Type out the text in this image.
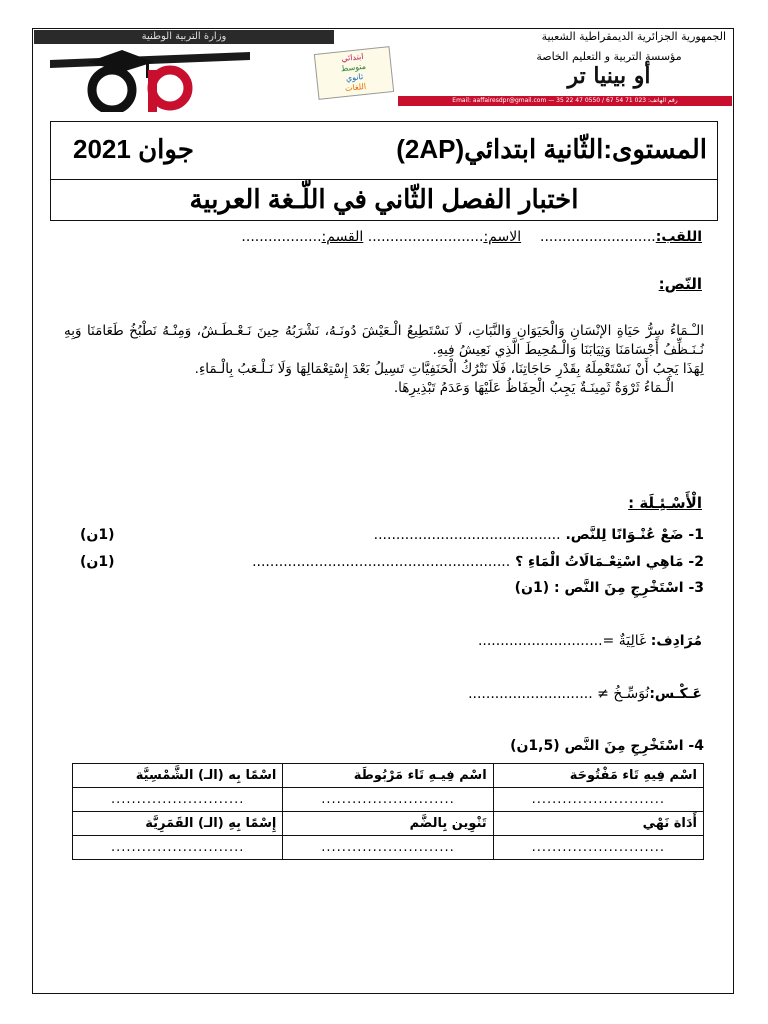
الجمهورية الجزائرية الديمقراطية الشعبية
وزارة التربية الوطنية
ابتدائي
متوسط
ثانوي
اللغات
مؤسسة التربية و التعليم الخاصة
أو بينيا تر
رقم الهاتف: 023 71 54 67 / 0550 47 22 35 — Email: aaffairesdpr@gmail.com
المستوى:الثّانية ابتدائي(2AP)
جوان 2021
اختبار الفصل الثّاني في اللّـغة العربية
اللقب:..........................  الاسم:.......................... القسم:..................
النّص:

الـْـمَاءُ سِرُّ حَيَاةِ الإنْسَانِ وَالْحَيَوَانِ وَالنَّبَاتِ، لَا نَسْتَطِيعُ الْـعَيْشَ دُونَـهُ، نَشْرَبُهُ حِينَ نَـعْـطَـشُ، وَمِنْـهُ نَطْبُخُ طَعَامَنَا وَبِهِ نُـنَـظِّفُ أَجْسَامَنَا وَثِيَابَنَا وَالْـمُحِيطَ الَّذِي نَعِيشُ فِيهِ.

لِهَذَا يَجِبُ أَنْ نَسْتَعْمِلَهُ بِقَدْرِ حَاجَاتِنَا، فَلَا نَتْرُكُ الْحَنَفِيَّاتِ تَسِيلُ بَعْدَ إِسْتِعْمَالِهَا وَلَا نَـلْـعَبُ بِالْـمَاءِ.

الْـمَاءُ ثَرْوَةٌ ثَمِينَـةٌ يَجِبُ الْحِفَاظُ عَلَيْهَا وَعَدَمُ تَبْذِيرِهَا.

الْأَسْـئِـلَة :
1- ضَعْ عُنْـوَانًا لِلنَّص. ..........................................
(1ن)
2- مَاهِي اسْتِعْـمَالَاتُ الْمَاءِ ؟ ..........................................................
(1ن)
3- اسْتَخْرِجِ مِنَ النَّص : (1ن)
مُرَادِف: غَالِيَةٌ =............................
عَـكْـس:نُوَسِّـخُ ≠ ............................
4- اسْتَخْرِجِ مِنَ النَّص (1,5ن)
اسْم فِيهِ تَاء مَفْتُوحَة	اسْم فِيـهِ تَاء مَرْبُوطَة	اسْمًا بِه (الـ) الشَّمْسِيَّة
..........................	..........................	..........................
أَدَاة نَهْي	تَنْوِين بِالضَّم	إِسْمًا بِهِ (الـ) القَمَرِيَّة
..........................	..........................	..........................
